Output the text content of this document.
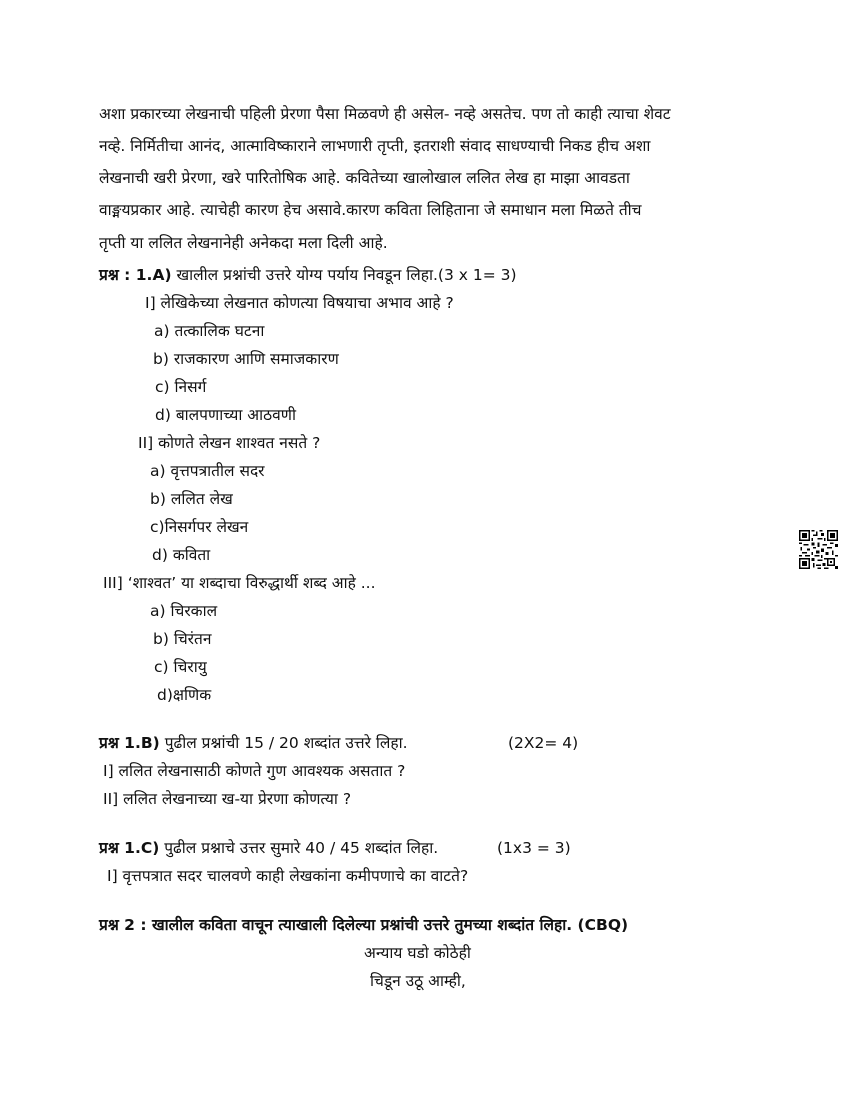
अशा प्रकारच्या लेखनाची पहिली प्रेरणा पैसा मिळवणे ही असेल- नव्हे असतेच. पण तो काही त्याचा शेवट
नव्हे. निर्मितीचा आनंद, आत्माविष्काराने लाभणारी तृप्ती, इतराशी संवाद साधण्याची निकड हीच अशा
लेखनाची खरी प्रेरणा, खरे पारितोषिक आहे. कवितेच्या खालोखाल ललित लेख हा माझा आवडता
वाङ्मयप्रकार आहे. त्याचेही कारण हेच असावे.कारण कविता लिहिताना जे समाधान मला मिळते तीच
तृप्ती या ललित लेखनानेही अनेकदा मला दिली आहे.
प्रश्न : 1.A) खालील प्रश्नांची उत्तरे योग्य पर्याय निवडून लिहा.(3 x 1= 3)
I] लेखिकेच्या लेखनात कोणत्या विषयाचा अभाव आहे ?
a) तत्कालिक घटना
b) राजकारण आणि समाजकारण
c) निसर्ग
d) बालपणाच्या आठवणी
II] कोणते लेखन शाश्वत नसते ?
a) वृत्तपत्रातील सदर
b) ललित लेख
c)निसर्गपर लेखन
d) कविता
III] ‘शाश्वत’ या शब्दाचा विरुद्धार्थी शब्द आहे ...
a) चिरकाल
b) चिरंतन
c) चिरायु
d)क्षणिक
प्रश्न 1.B) पुढील प्रश्नांची 15 / 20 शब्दांत उत्तरे लिहा.	(2X2= 4)
I] ललित लेखनासाठी कोणते गुण आवश्यक असतात ?
II] ललित लेखनाच्या ख-या प्रेरणा कोणत्या ?
प्रश्न 1.C) पुढील प्रश्नाचे उत्तर सुमारे 40 / 45 शब्दांत लिहा.	(1x3 = 3)
I] वृत्तपत्रात सदर चालवणे काही लेखकांना कमीपणाचे का वाटते?
प्रश्न 2 : खालील कविता वाचून त्याखाली दिलेल्या प्रश्नांची उत्तरे तुमच्या शब्दांत लिहा. (CBQ)
अन्याय घडो कोठेही
चिडून उठू आम्ही,
